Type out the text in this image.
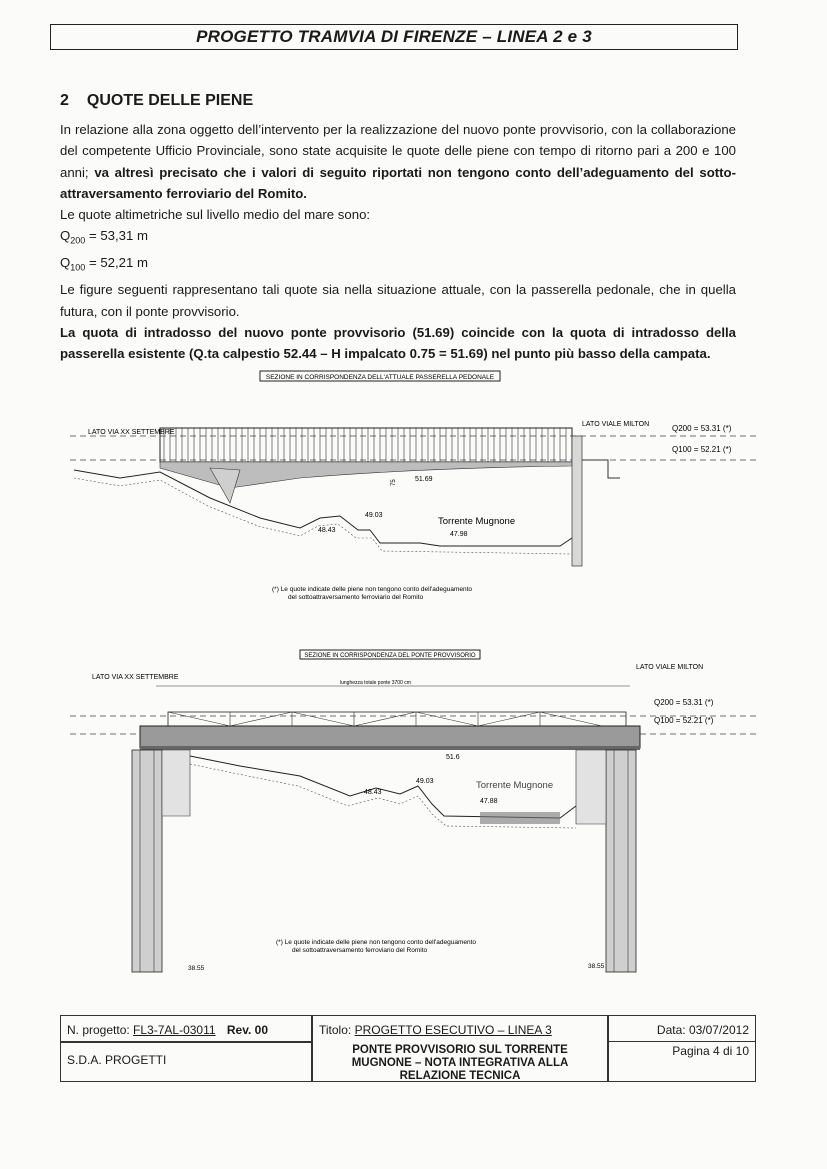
PROGETTO TRAMVIA DI FIRENZE – LINEA 2 e 3
2 QUOTE DELLE PIENE

In relazione alla zona oggetto dell’intervento per la realizzazione del nuovo ponte provvisorio, con la collaborazione del competente Ufficio Provinciale, sono state acquisite le quote delle piene con tempo di ritorno pari a 200 e 100 anni; va altresì precisato che i valori di seguito riportati non tengono conto dell’adeguamento del sotto-attraversamento ferroviario del Romito.

Le quote altimetriche sul livello medio del mare sono:

$Q_{200} = 53,31$ m

$Q_{100} = 52,21$ m

Le figure seguenti rappresentano tali quote sia nella situazione attuale, con la passerella pedonale, che in quella futura, con il ponte provvisorio.

La quota di intradosso del nuovo ponte provvisorio (51.69) coincide con la quota di intradosso della passerella esistente (Q.ta calpestio 52.44 – H impalcato 0.75 = 51.69) nel punto più basso della campata.

SEZIONE IN CORRISPONDENZA DELL'ATTUALE PASSERELLA PEDONALE
LATO VIA XX SETTEMBRE
LATO VIALE MILTON	Q200 = 53.31 (*)
Q100 = 52.21 (*)
51.69
75
48.43
49.03
47.98
Torrente Mugnone
(*) Le quote indicate delle piene non tengono conto dell'adeguamento
del sottoattraversamento ferroviario del Romito
SEZIONE IN CORRISPONDENZA DEL PONTE PROVVISORIO
LATO VIA XX SETTEMBRE
LATO VIALE MILTON
lunghezza totale ponte 3700 cm
Q200 = 53.31 (*)
Q100 = 52.21 (*)
51.6
48.43
49.03
47.88
Torrente Mugnone
(*) Le quote indicate delle piene non tengono conto dell'adeguamento
del sottoattraversamento ferroviario del Romito
38.55	38.55
N. progetto: FL3-7AL-03011 Rev. 00
S.D.A. PROGETTI
Titolo: PROGETTO ESECUTIVO – LINEA 3
PONTE PROVVISORIO SUL TORRENTE MUGNONE – NOTA INTEGRATIVA ALLA RELAZIONE TECNICA
Data: 03/07/2012
Pagina 4 di 10
